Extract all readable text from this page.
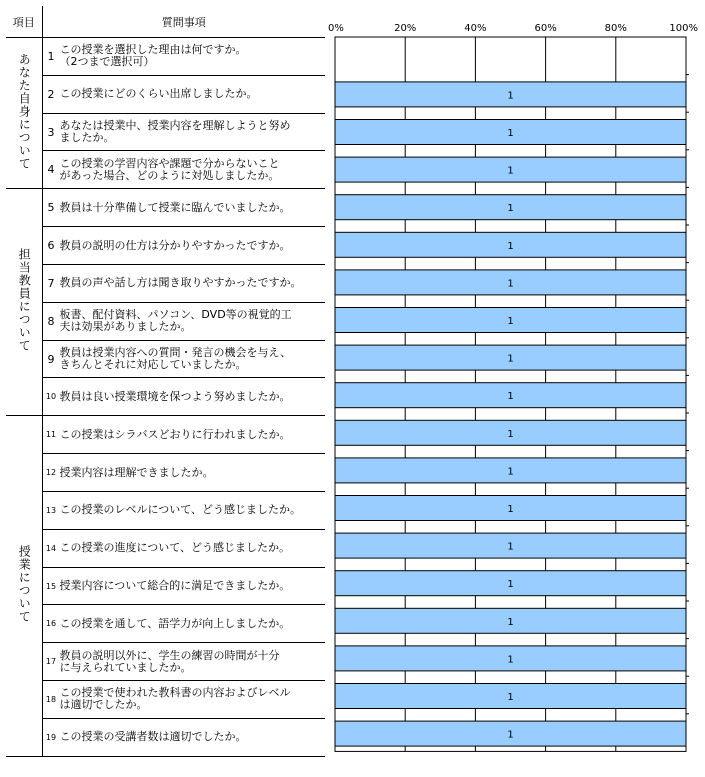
項目	質問事項
あなた自身について	1 この授業を選択した理由は何ですか。
（2つまで選択可）

	2 この授業にどのくらい出席しましたか。

	3 あなたは授業中、授業内容を理解しようと努め
ましたか。

	4 この授業の学習内容や課題で分からないこと
があった場合、どのように対処しましたか。

担当教員について	5 教員は十分準備して授業に臨んでいましたか。

	6 教員の説明の仕方は分かりやすかったですか。

	7 教員の声や話し方は聞き取りやすかったですか。

	8 板書、配付資料、パソコン、DVD等の視覚的工
夫は効果がありましたか。

	9 教員は授業内容への質問・発言の機会を与え、
きちんとそれに対応していましたか。

	10 教員は良い授業環境を保つよう努めましたか。

授業について	11 この授業はシラバスどおりに行われましたか。

	12 授業内容は理解できましたか。

	13 この授業のレベルについて、どう感じましたか。

	14 この授業の進度について、どう感じましたか。

	15 授業内容について総合的に満足できましたか。

	16 この授業を通して、語学力が向上しましたか。

	17 教員の説明以外に、学生の練習の時間が十分
に与えられていましたか。

	18 この授業で使われた教科書の内容およびレベル
は適切でしたか。

	19 この授業の受講者数は適切でしたか。
0%	20%	40%	60%	80%	100%
1
1
1
1
1
1
1
1
1
1
1
1
1
1
1
1
1
1
